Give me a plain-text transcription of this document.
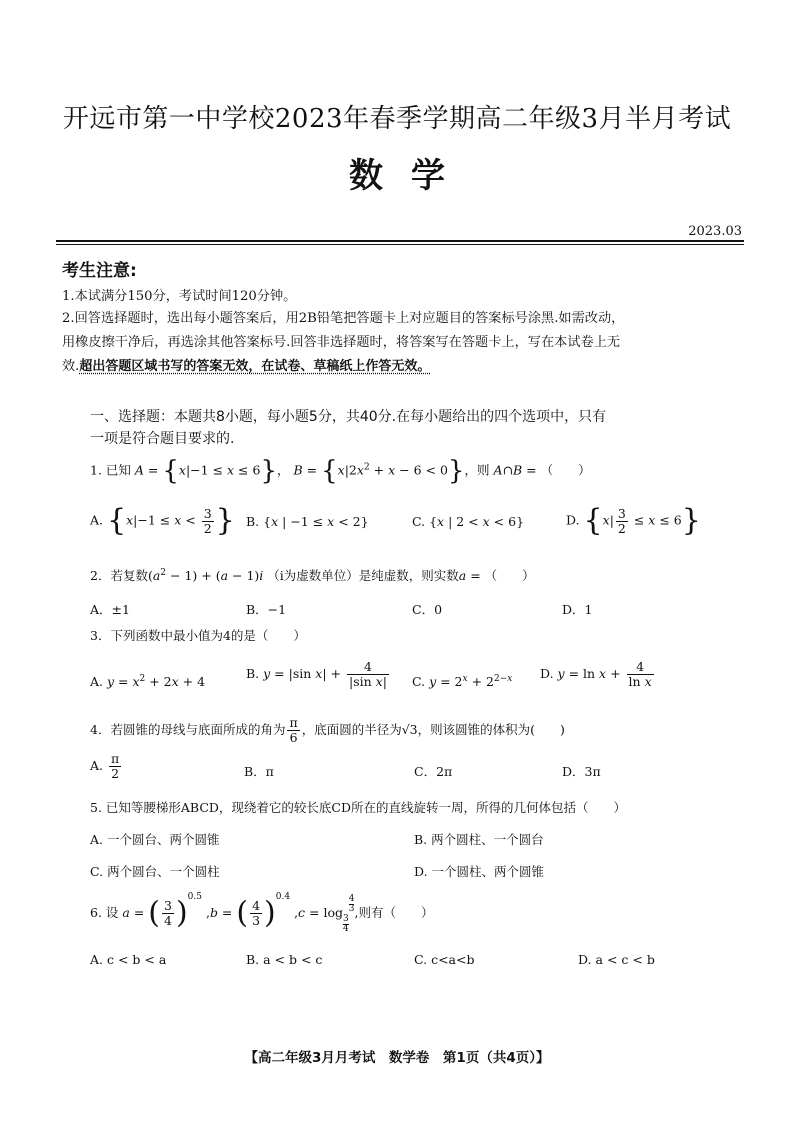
开远市第一中学校2023年春季学期高二年级3月半月考试
数学
2023.03
考生注意:
1.本试满分150分，考试时间120分钟。
2.回答选择题时，选出每小题答案后，用2B铅笔把答题卡上对应题目的答案标号涂黑.如需改动，
用橡皮擦干净后，再选涂其他答案标号.回答非选择题时，将答案写在答题卡上，写在本试卷上无
效.超出答题区域书写的答案无效，在试卷、草稿纸上作答无效。
一、选择题：本题共8小题，每小题5分，共40分.在每小题给出的四个选项中，只有
一项是符合题目要求的.
1. 已知 A = {x|−1 ≤ x ≤ 6}， $B = \{x|2x^2 + x - 6 < 0\}$，则 A∩B = （　　）
A. {$x|-1 \le x < \frac{3}{2}$ } B. {x | −1 ≤ x < 2}	C. {x | 2 < x < 6}	D. $\{x| \frac{3}{2} \le x \le 6\}$
2．若复数$(a^2 - 1) + (a - 1)i$ （i为虚数单位）是纯虚数，则实数a = （　　）
A．±1	B．−1	C．0	D．1
3．下列函数中最小值为4的是（　　）
A. $y = x^2 + 2x + 4$
B. y = |sin $x| + \frac{4}{\text{|sin x|}} C$. $y = 2^x + 2^{2-x}$ D. $y = \ln x + \frac{4}{\text{ln x}}$
4．若圆锥的母线与底面所成的角为 $\frac{\pi}{6}$ ，底面圆的半径为√3，则该圆锥的体积为(　　)
A. $\frac{\pi}{2}$	B．π	C．2π	D．3π
5. 已知等腰梯形ABCD，现绕着它的较长底CD所在的直线旋转一周，所得的几何体包括（　　）
A. 一个圆台、两个圆锥	B. 两个圆柱、一个圆台
C. 两个圆台、一个圆柱	D. 一个圆柱、两个圆锥
6. 设 a = ( $\frac{3}{4} )^{0.5}$ ,b = ( $\frac{4}{3} )^{0.4}$ ,c = log
$\frac{3}{4}$
$\frac{4}{3}$ ,则有（　　）
A. c < b < a	B. a < b < c	C. c<a<b	D. a < c < b
【高二年级3月月考试　数学卷　第1页（共4页）】
